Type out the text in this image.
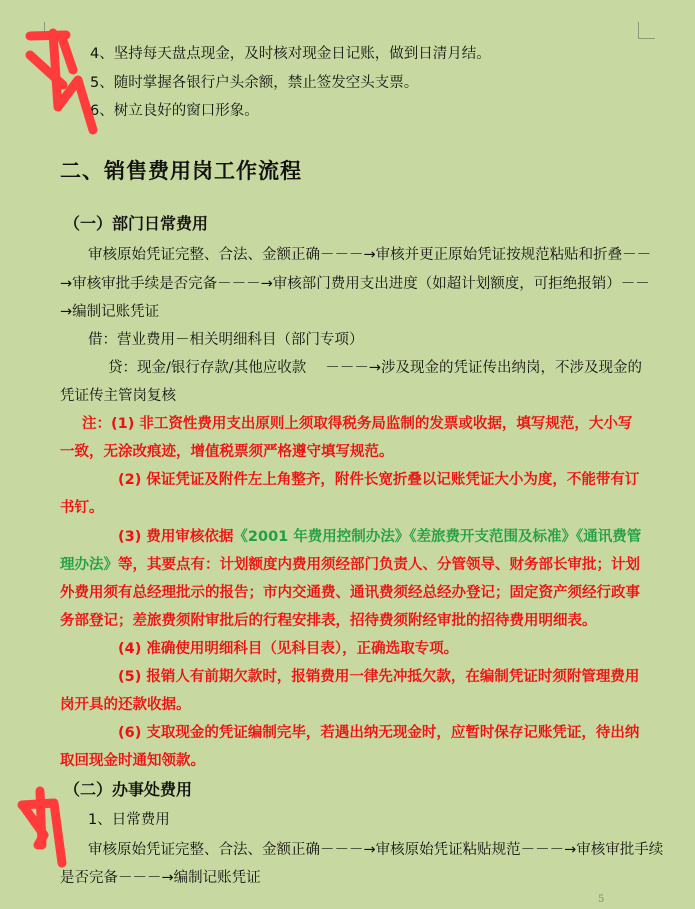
4、坚持每天盘点现金，及时核对现金日记账，做到日清月结。
5、随时掌握各银行户头余额，禁止签发空头支票。
6、树立良好的窗口形象。
二、销售费用岗工作流程
（一）部门日常费用
审核原始凭证完整、合法、金额正确－－－→审核并更正原始凭证按规范粘贴和折叠－－
→审核审批手续是否完备－－－→审核部门费用支出进度（如超计划额度，可拒绝报销）－－
→编制记账凭证
借：营业费用－相关明细科目（部门专项）
贷：现金/银行存款/其他应收款　 －－－→涉及现金的凭证传出纳岗，不涉及现金的
凭证传主管岗复核
注：(1) 非工资性费用支出原则上须取得税务局监制的发票或收据，填写规范，大小写
一致，无涂改痕迹，增值税票须严格遵守填写规范。
(2) 保证凭证及附件左上角整齐，附件长宽折叠以记账凭证大小为度，不能带有订
书钉。
(3) 费用审核依据《2001 年费用控制办法》《差旅费开支范围及标准》《通讯费管
理办法》等，其要点有：计划额度内费用须经部门负责人、分管领导、财务部长审批；计划
外费用须有总经理批示的报告；市内交通费、通讯费须经总经办登记；固定资产须经行政事
务部登记；差旅费须附审批后的行程安排表，招待费须附经审批的招待费用明细表。
(4) 准确使用明细科目（见科目表），正确选取专项。
(5) 报销人有前期欠款时，报销费用一律先冲抵欠款，在编制凭证时须附管理费用
岗开具的还款收据。
(6) 支取现金的凭证编制完毕，若遇出纳无现金时，应暂时保存记账凭证，待出纳
取回现金时通知领款。
（二）办事处费用
1、日常费用
审核原始凭证完整、合法、金额正确－－－→审核原始凭证粘贴规范－－－→审核审批手续
是否完备－－－→编制记账凭证
5
